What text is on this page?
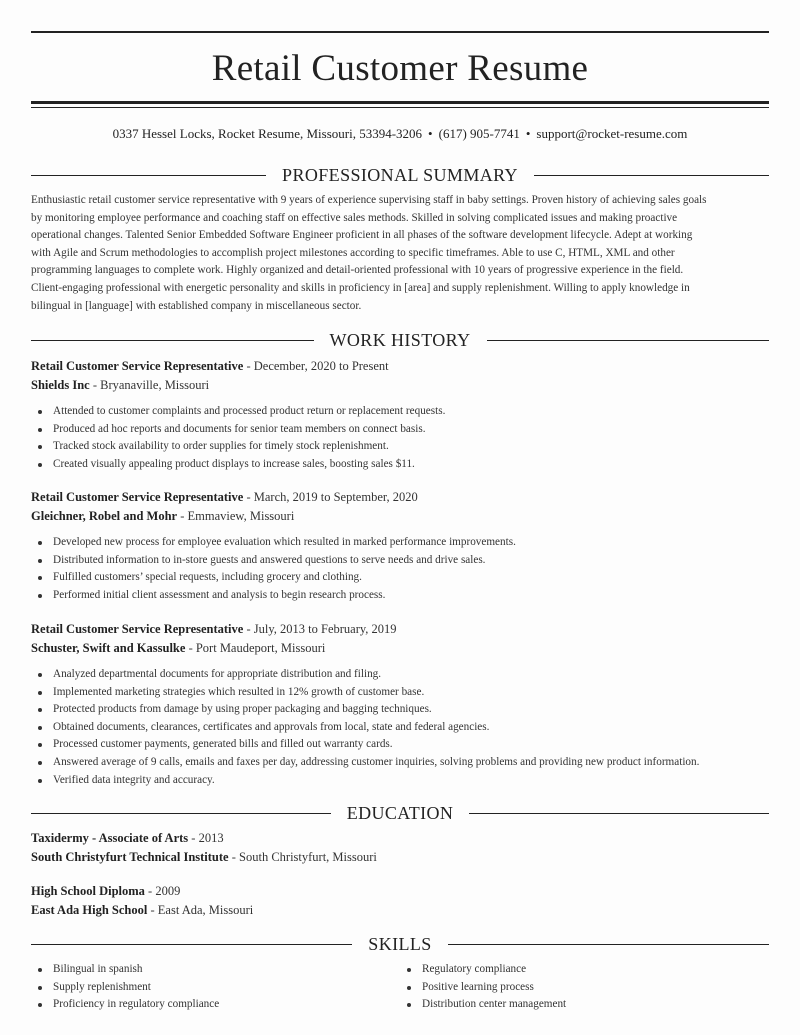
Retail Customer Resume
0337 Hessel Locks, Rocket Resume, Missouri, 53394-3206 • (617) 905-7741 • support@rocket-resume.com
PROFESSIONAL SUMMARY
Enthusiastic retail customer service representative with 9 years of experience supervising staff in baby settings. Proven history of achieving sales goals
by monitoring employee performance and coaching staff on effective sales methods. Skilled in solving complicated issues and making proactive
operational changes. Talented Senior Embedded Software Engineer proficient in all phases of the software development lifecycle. Adept at working
with Agile and Scrum methodologies to accomplish project milestones according to specific timeframes. Able to use C, HTML, XML and other
programming languages to complete work. Highly organized and detail-oriented professional with 10 years of progressive experience in the field.
Client-engaging professional with energetic personality and skills in proficiency in [area] and supply replenishment. Willing to apply knowledge in
bilingual in [language] with established company in miscellaneous sector.
WORK HISTORY
Retail Customer Service Representative - December, 2020 to Present
Shields Inc - Bryanaville, Missouri
Attended to customer complaints and processed product return or replacement requests.
Produced ad hoc reports and documents for senior team members on connect basis.
Tracked stock availability to order supplies for timely stock replenishment.
Created visually appealing product displays to increase sales, boosting sales $11.
Retail Customer Service Representative - March, 2019 to September, 2020
Gleichner, Robel and Mohr - Emmaview, Missouri
Developed new process for employee evaluation which resulted in marked performance improvements.
Distributed information to in-store guests and answered questions to serve needs and drive sales.
Fulfilled customers’ special requests, including grocery and clothing.
Performed initial client assessment and analysis to begin research process.
Retail Customer Service Representative - July, 2013 to February, 2019
Schuster, Swift and Kassulke - Port Maudeport, Missouri
Analyzed departmental documents for appropriate distribution and filing.
Implemented marketing strategies which resulted in 12% growth of customer base.
Protected products from damage by using proper packaging and bagging techniques.
Obtained documents, clearances, certificates and approvals from local, state and federal agencies.
Processed customer payments, generated bills and filled out warranty cards.
Answered average of 9 calls, emails and faxes per day, addressing customer inquiries, solving problems and providing new product information.
Verified data integrity and accuracy.
EDUCATION
Taxidermy - Associate of Arts - 2013
South Christyfurt Technical Institute - South Christyfurt, Missouri
High School Diploma - 2009
East Ada High School - East Ada, Missouri
SKILLS
Bilingual in spanish
Supply replenishment
Proficiency in regulatory compliance
Regulatory compliance
Positive learning process
Distribution center management
